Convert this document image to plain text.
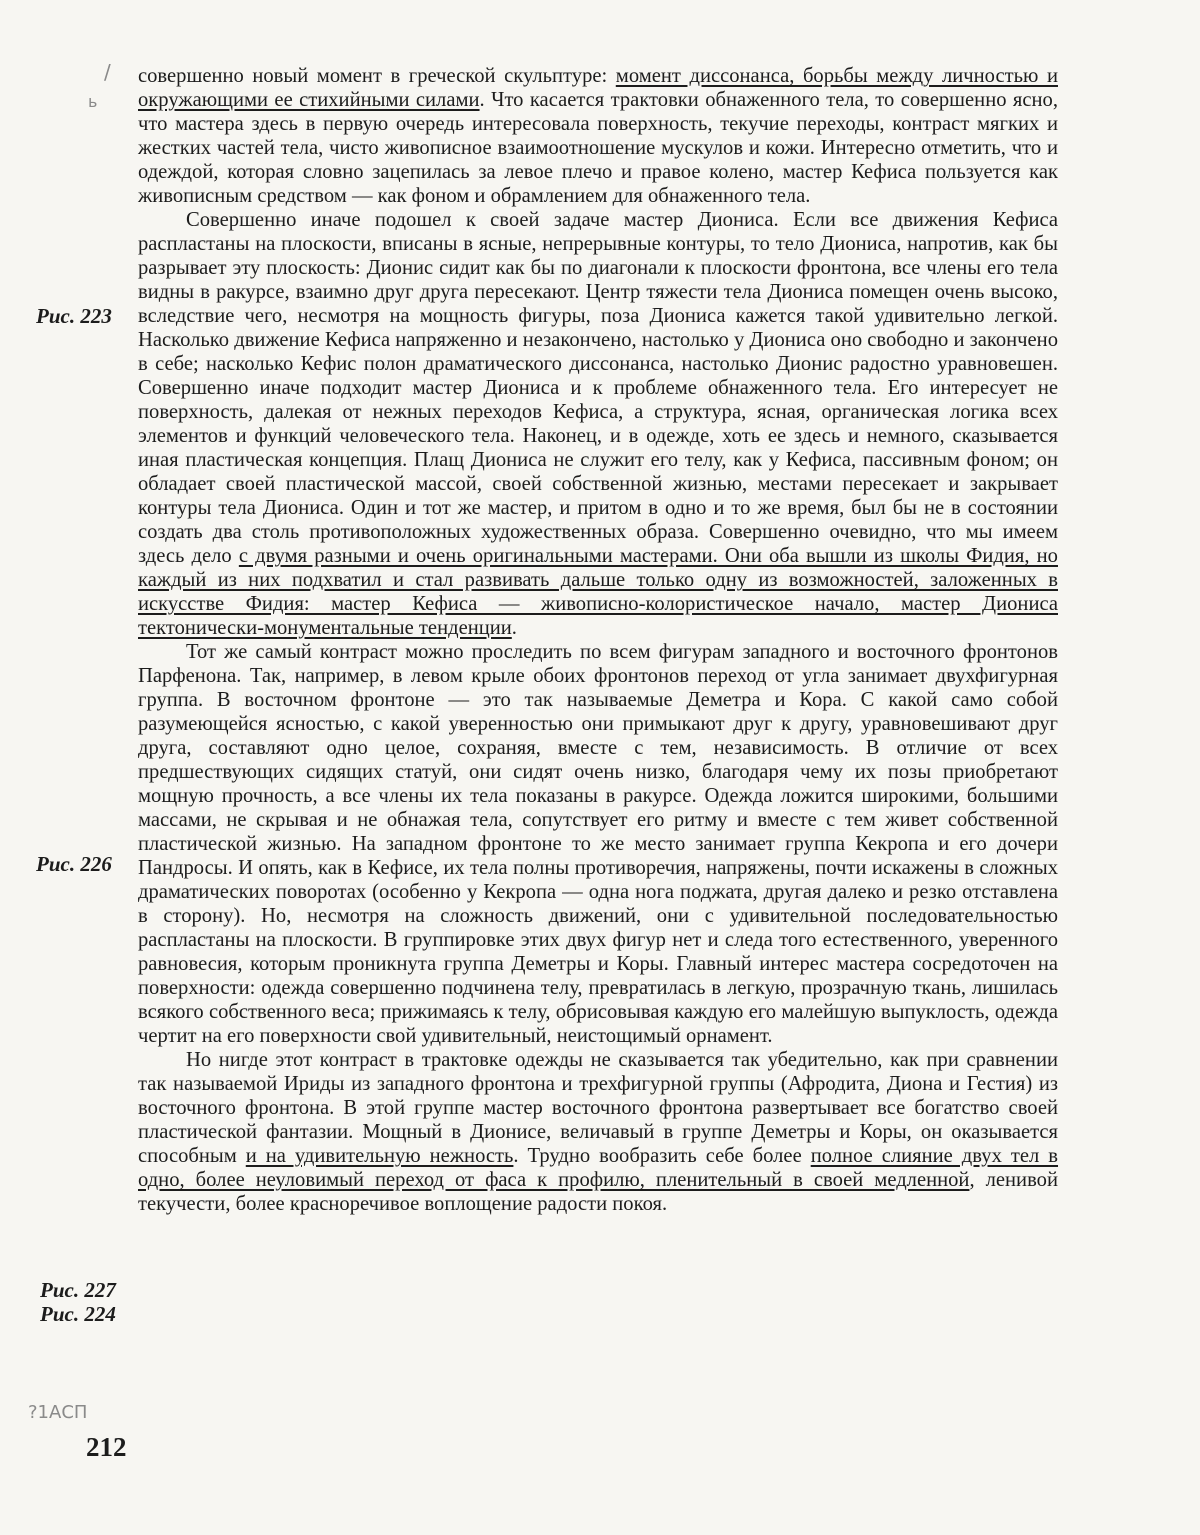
/
ь
?1АСП
Рис. 223
Рис. 226
Рис. 227
Рис. 224

совершенно новый момент в греческой скульптуре: момент диссонанса, борьбы между личностью и окружающими ее стихийными силами. Что касается трактовки обнаженного тела, то совершенно ясно, что мастера здесь в первую очередь интересовала поверхность, текучие переходы, контраст мягких и жестких частей тела, чисто живописное взаимоотношение мускулов и кожи. Интересно отметить, что и одеждой, которая словно зацепилась за левое плечо и правое колено, мастер Кефиса пользуется как живописным средством — как фоном и обрамлением для обнаженного тела.

Совершенно иначе подошел к своей задаче мастер Диониса. Если все движения Кефиса распластаны на плоскости, вписаны в ясные, непрерывные контуры, то тело Диониса, напротив, как бы разрывает эту плоскость: Дионис сидит как бы по диагонали к плоскости фронтона, все члены его тела видны в ракурсе, взаимно друг друга пересекают. Центр тяжести тела Диониса помещен очень высоко, вследствие чего, несмотря на мощность фигуры, поза Диониса кажется такой удивительно легкой. Насколько движение Кефиса напряженно и незакончено, настолько у Диониса оно свободно и закончено в себе; насколько Кефис полон драматического диссонанса, настолько Дионис радостно уравновешен. Совершенно иначе подходит мастер Диониса и к проблеме обнаженного тела. Его интересует не поверхность, далекая от нежных переходов Кефиса, а структура, ясная, органическая логика всех элементов и функций человеческого тела. Наконец, и в одежде, хоть ее здесь и немного, сказывается иная пластическая концепция. Плащ Диониса не служит его телу, как у Кефиса, пассивным фоном; он обладает своей пластической массой, своей собственной жизнью, местами пересекает и закрывает контуры тела Диониса. Один и тот же мастер, и притом в одно и то же время, был бы не в состоянии создать два столь противоположных художественных образа. Совершенно очевидно, что мы имеем здесь дело с двумя разными и очень оригинальными мастерами. Они оба вышли из школы Фидия, но каждый из них подхватил и стал развивать дальше только одну из возможностей, заложенных в искусстве Фидия: мастер Кефиса — живописно-колористическое начало, мастер Диониса тектонически-монументальные тенденции.

Тот же самый контраст можно проследить по всем фигурам западного и восточного фронтонов Парфенона. Так, например, в левом крыле обоих фронтонов переход от угла занимает двухфигурная группа. В восточном фронтоне — это так называемые Деметра и Кора. С какой само собой разумеющейся ясностью, с какой уверенностью они примыкают друг к другу, уравновешивают друг друга, составляют одно целое, сохраняя, вместе с тем, независимость. В отличие от всех предшествующих сидящих статуй, они сидят очень низко, благодаря чему их позы приобретают мощную прочность, а все члены их тела показаны в ракурсе. Одежда ложится широкими, большими массами, не скрывая и не обнажая тела, сопутствует его ритму и вместе с тем живет собственной пластической жизнью. На западном фронтоне то же место занимает группа Кекропа и его дочери Пандросы. И опять, как в Кефисе, их тела полны противоречия, напряжены, почти искажены в сложных драматических поворотах (особенно у Кекропа — одна нога поджата, другая далеко и резко отставлена в сторону). Но, несмотря на сложность движений, они с удивительной последовательностью распластаны на плоскости. В группировке этих двух фигур нет и следа того естественного, уверенного равновесия, которым проникнута группа Деметры и Коры. Главный интерес мастера сосредоточен на поверхности: одежда совершенно подчинена телу, превратилась в легкую, прозрачную ткань, лишилась всякого собственного веса; прижимаясь к телу, обрисовывая каждую его малейшую выпуклость, одежда чертит на его поверхности свой удивительный, неистощимый орнамент.

Но нигде этот контраст в трактовке одежды не сказывается так убедительно, как при сравнении так называемой Ириды из западного фронтона и трехфигурной группы (Афродита, Диона и Гестия) из восточного фронтона. В этой группе мастер восточного фронтона развертывает все богатство своей пластической фантазии. Мощный в Дионисе, величавый в группе Деметры и Коры, он оказывается способным и на удивительную нежность. Трудно вообразить себе более полное слияние двух тел в одно, более неуловимый переход от фаса к профилю, пленительный в своей медленной, ленивой текучести, более красноречивое воплощение радости покоя.

212
